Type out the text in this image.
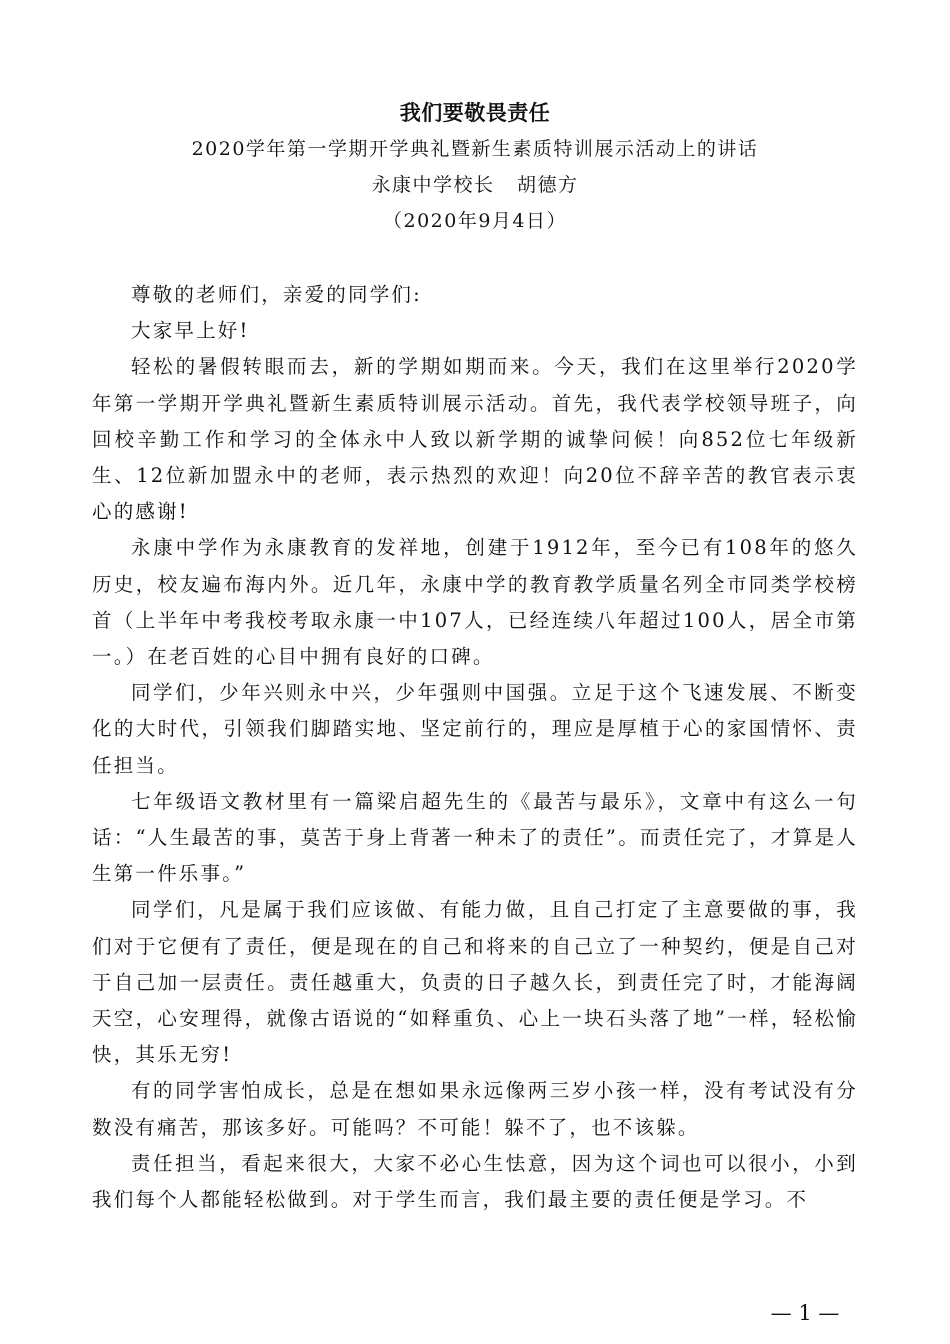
我们要敬畏责任
2020学年第一学期开学典礼暨新生素质特训展示活动上的讲话
永康中学校长   胡德方
（2020年9月4日）

尊敬的老师们，亲爱的同学们:

大家早上好!

轻松的暑假转眼而去，新的学期如期而来。今天，我们在这里举行2020学年第一学期开学典礼暨新生素质特训展示活动。首先，我代表学校领导班子，向回校辛勤工作和学习的全体永中人致以新学期的诚挚问候！向852位七年级新生、12位新加盟永中的老师，表示热烈的欢迎！向20位不辞辛苦的教官表示衷心的感谢!

永康中学作为永康教育的发祥地，创建于1912年，至今已有108年的悠久历史，校友遍布海内外。近几年，永康中学的教育教学质量名列全市同类学校榜首（上半年中考我校考取永康一中107人，已经连续八年超过100人，居全市第一。）在老百姓的心目中拥有良好的口碑。

同学们，少年兴则永中兴，少年强则中国强。立足于这个飞速发展、不断变化的大时代，引领我们脚踏实地、坚定前行的，理应是厚植于心的家国情怀、责任担当。

七年级语文教材里有一篇梁启超先生的《最苦与最乐》，文章中有这么一句话：“人生最苦的事，莫苦于身上背著一种未了的责任”。而责任完了，才算是人生第一件乐事。”

同学们，凡是属于我们应该做、有能力做，且自己打定了主意要做的事，我们对于它便有了责任，便是现在的自己和将来的自己立了一种契约，便是自己对于自己加一层责任。责任越重大，负责的日子越久长，到责任完了时，才能海阔天空，心安理得，就像古语说的“如释重负、心上一块石头落了地”一样，轻松愉快，其乐无穷!

有的同学害怕成长，总是在想如果永远像两三岁小孩一样，没有考试没有分数没有痛苦，那该多好。可能吗？不可能！躲不了，也不该躲。

责任担当，看起来很大，大家不必心生怯意，因为这个词也可以很小，小到我们每个人都能轻松做到。对于学生而言，我们最主要的责任便是学习。不

— 1 —
